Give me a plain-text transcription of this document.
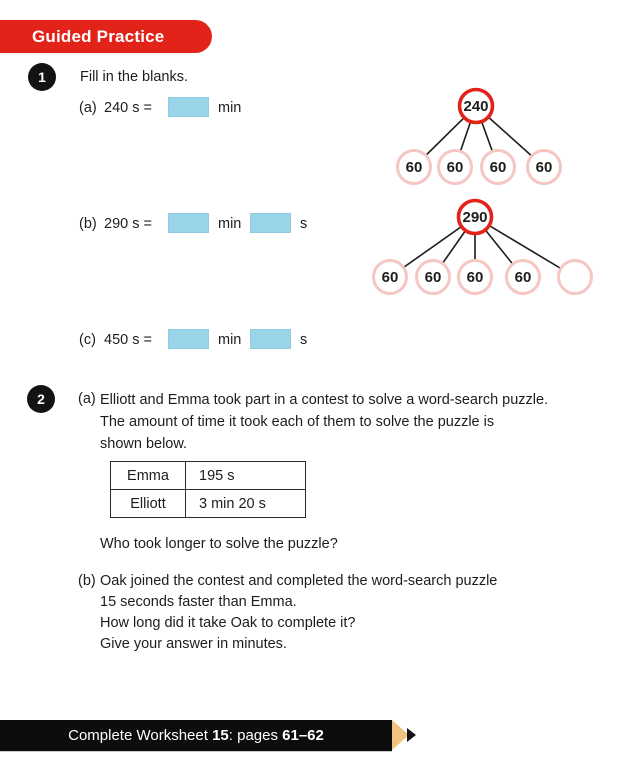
Guided Practice
1	Fill in the blanks.
(a) 240 s =	min	240
60 60 60 60
(b) 290 s =	min	s	290
60 60 60 60
(c) 450 s =	min	s
2	(a) Elliott and Emma took part in a contest to solve a word-search puzzle.
The amount of time it took each of them to solve the puzzle is
shown below.
Emma	195 s
Elliott	3 min 20 s
Who took longer to solve the puzzle?
(b) Oak joined the contest and completed the word-search puzzle
15 seconds faster than Emma.
How long did it take Oak to complete it?
Give your answer in minutes.
Complete Worksheet
15 : pages
61–62
